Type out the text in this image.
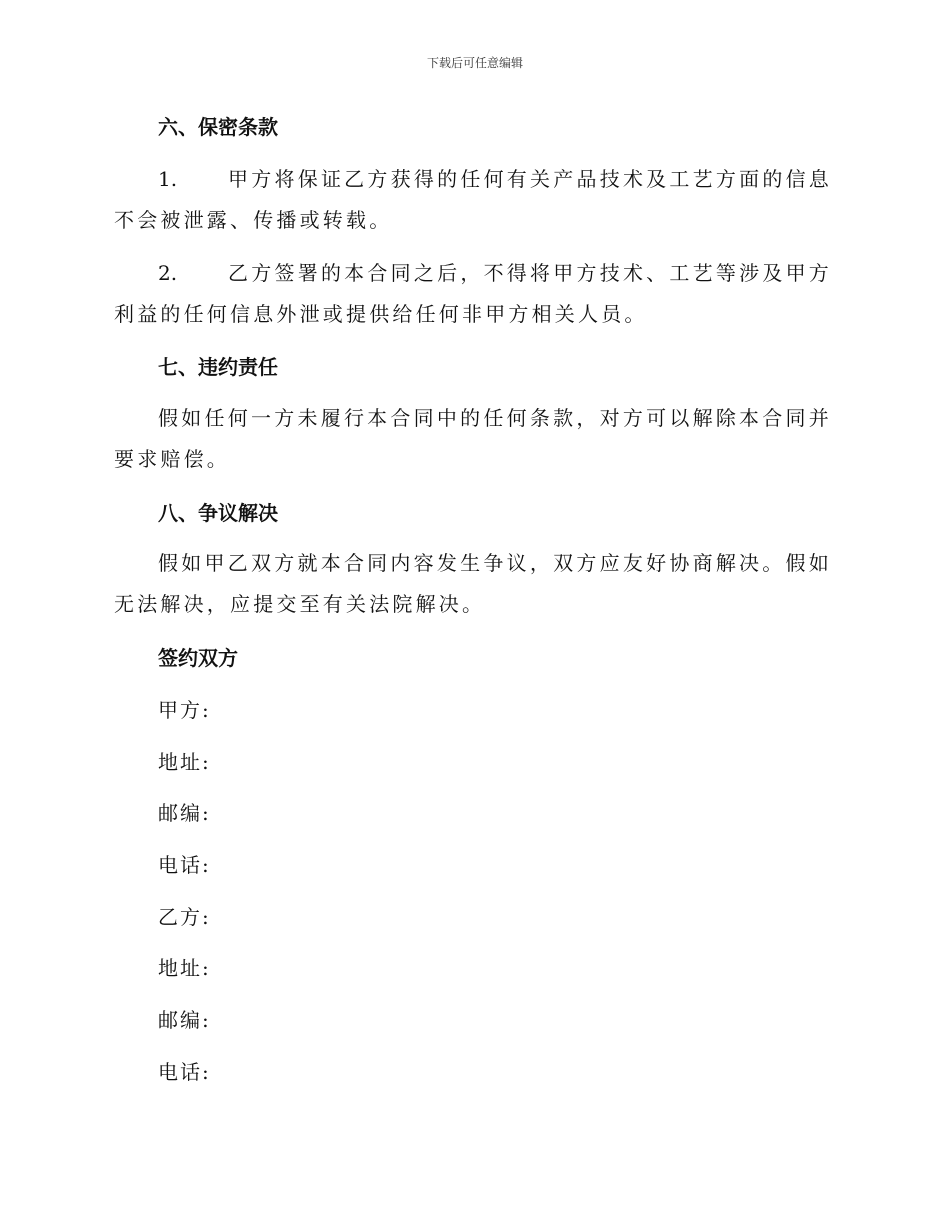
下载后可任意编辑
六、保密条款

1.	甲方将保证乙方获得的任何有关产品技术及工艺方面的信息不会被泄露、传播或转载。

2.	乙方签署的本合同之后，不得将甲方技术、工艺等涉及甲方利益的任何信息外泄或提供给任何非甲方相关人员。

七、违约责任

假如任何一方未履行本合同中的任何条款，对方可以解除本合同并要求赔偿。

八、争议解决

假如甲乙双方就本合同内容发生争议，双方应友好协商解决。假如无法解决，应提交至有关法院解决。

签约双方

甲方:

地址:

邮编:

电话:

乙方:

地址:

邮编:

电话:
